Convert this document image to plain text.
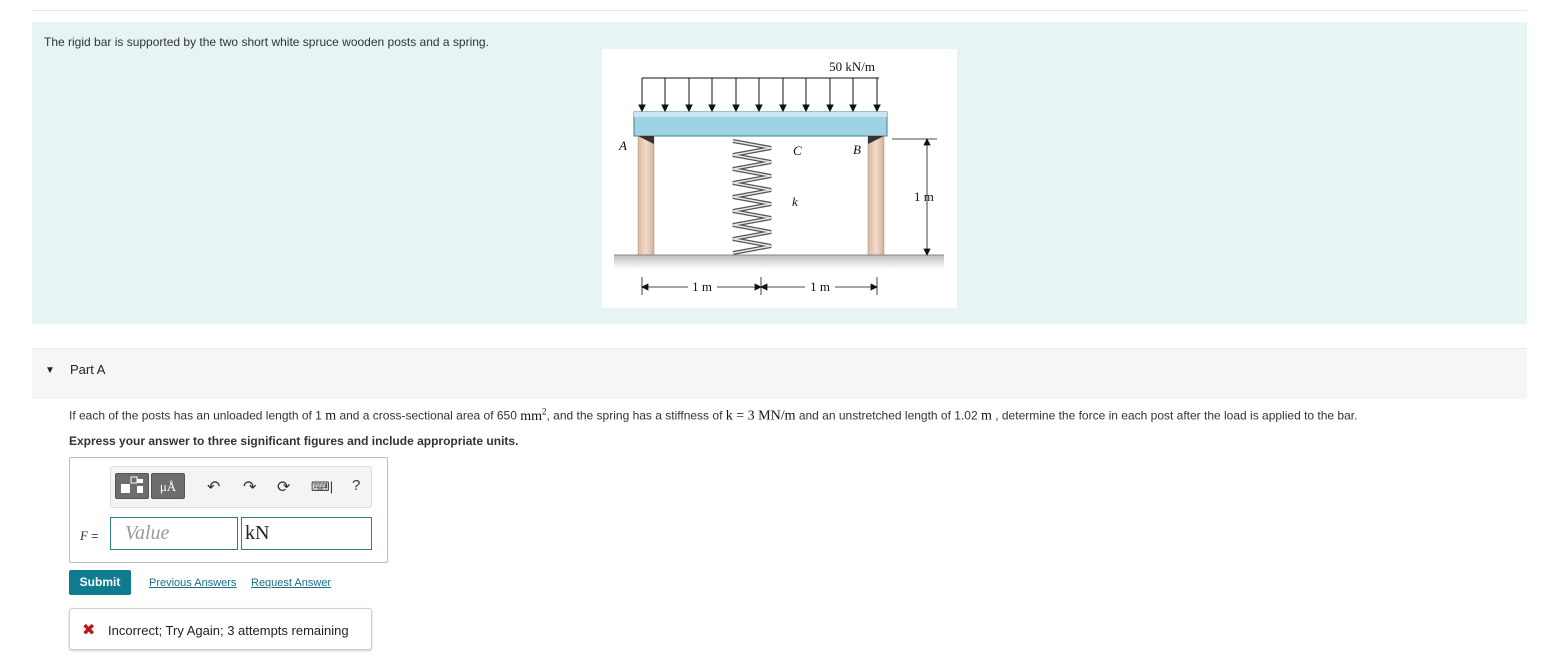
The rigid bar is supported by the two short white spruce wooden posts and a spring.
50 kN/m
A	C	B
k	1 m
1 m	1 m
▼ Part A
If each of the posts has an unloaded length of 1 m and a cross-sectional area of 650 $mm^2$, and the spring has a stiffness of k = 3 MN/m and an unstretched length of 1.02 m , determine the force in each post after the load is applied to the bar.
Express your answer to three significant figures and include appropriate units.
μÅ	↶ ↷ ⟳ ⌨| ?
F =	Value	kN
Submit	Previous Answers Request Answer
✖ Incorrect; Try Again; 3 attempts remaining
